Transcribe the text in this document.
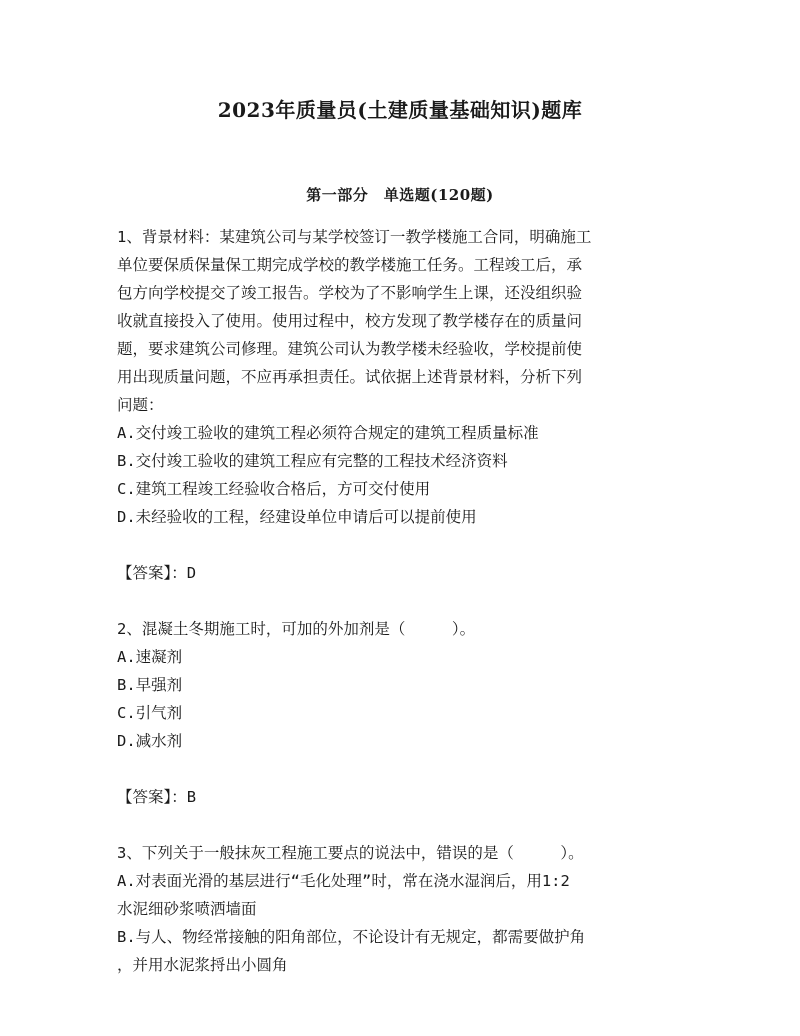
2023年质量员(土建质量基础知识)题库
第一部分　单选题(120题)
1、背景材料：某建筑公司与某学校签订一教学楼施工合同，明确施工
单位要保质保量保工期完成学校的教学楼施工任务。工程竣工后，承
包方向学校提交了竣工报告。学校为了不影响学生上课，还没组织验
收就直接投入了使用。使用过程中，校方发现了教学楼存在的质量问
题，要求建筑公司修理。建筑公司认为教学楼未经验收，学校提前使
用出现质量问题，不应再承担责任。试依据上述背景材料，分析下列
问题：
A.交付竣工验收的建筑工程必须符合规定的建筑工程质量标准
B.交付竣工验收的建筑工程应有完整的工程技术经济资料
C.建筑工程竣工经验收合格后，方可交付使用
D.未经验收的工程，经建设单位申请后可以提前使用
【答案】：D
2、混凝土冬期施工时，可加的外加剂是（　　　）。
A.速凝剂
B.早强剂
C.引气剂
D.减水剂
【答案】：B
3、下列关于一般抹灰工程施工要点的说法中，错误的是（　　　）。
A.对表面光滑的基层进行“毛化处理”时，常在浇水湿润后，用1:2
水泥细砂浆喷洒墙面
B.与人、物经常接触的阳角部位，不论设计有无规定，都需要做护角
，并用水泥浆捋出小圆角
